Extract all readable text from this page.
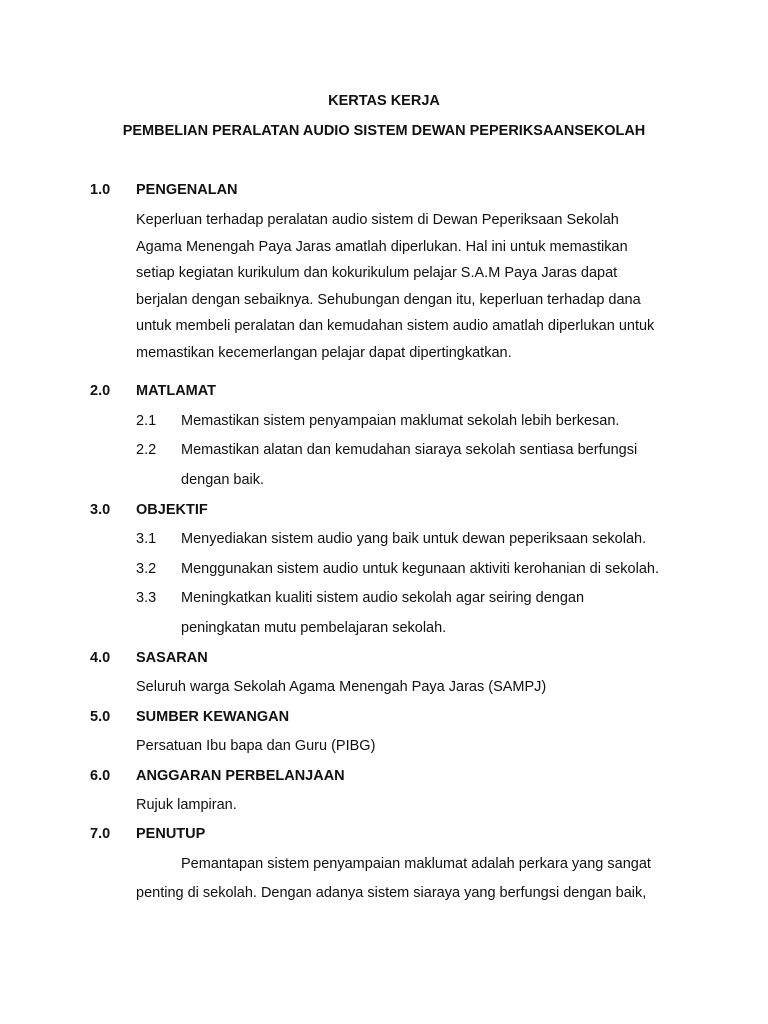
KERTAS KERJA
PEMBELIAN PERALATAN AUDIO SISTEM DEWAN PEPERIKSAANSEKOLAH
1.0 PENGENALAN
Keperluan terhadap peralatan audio sistem di Dewan Peperiksaan Sekolah
Agama Menengah Paya Jaras amatlah diperlukan. Hal ini untuk memastikan
setiap kegiatan kurikulum dan kokurikulum pelajar S.A.M Paya Jaras dapat
berjalan dengan sebaiknya. Sehubungan dengan itu, keperluan terhadap dana
untuk membeli peralatan dan kemudahan sistem audio amatlah diperlukan untuk
memastikan kecemerlangan pelajar dapat dipertingkatkan.
2.0 MATLAMAT
2.1 Memastikan sistem penyampaian maklumat sekolah lebih berkesan.
2.2 Memastikan alatan dan kemudahan siaraya sekolah sentiasa berfungsi
dengan baik.
3.0 OBJEKTIF
3.1 Menyediakan sistem audio yang baik untuk dewan peperiksaan sekolah.
3.2 Menggunakan sistem audio untuk kegunaan aktiviti kerohanian di sekolah.
3.3 Meningkatkan kualiti sistem audio sekolah agar seiring dengan
peningkatan mutu pembelajaran sekolah.
4.0 SASARAN
Seluruh warga Sekolah Agama Menengah Paya Jaras (SAMPJ)
5.0 SUMBER KEWANGAN
Persatuan Ibu bapa dan Guru (PIBG)
6.0 ANGGARAN PERBELANJAAN
Rujuk lampiran.
7.0 PENUTUP
Pemantapan sistem penyampaian maklumat adalah perkara yang sangat
penting di sekolah. Dengan adanya sistem siaraya yang berfungsi dengan baik,
